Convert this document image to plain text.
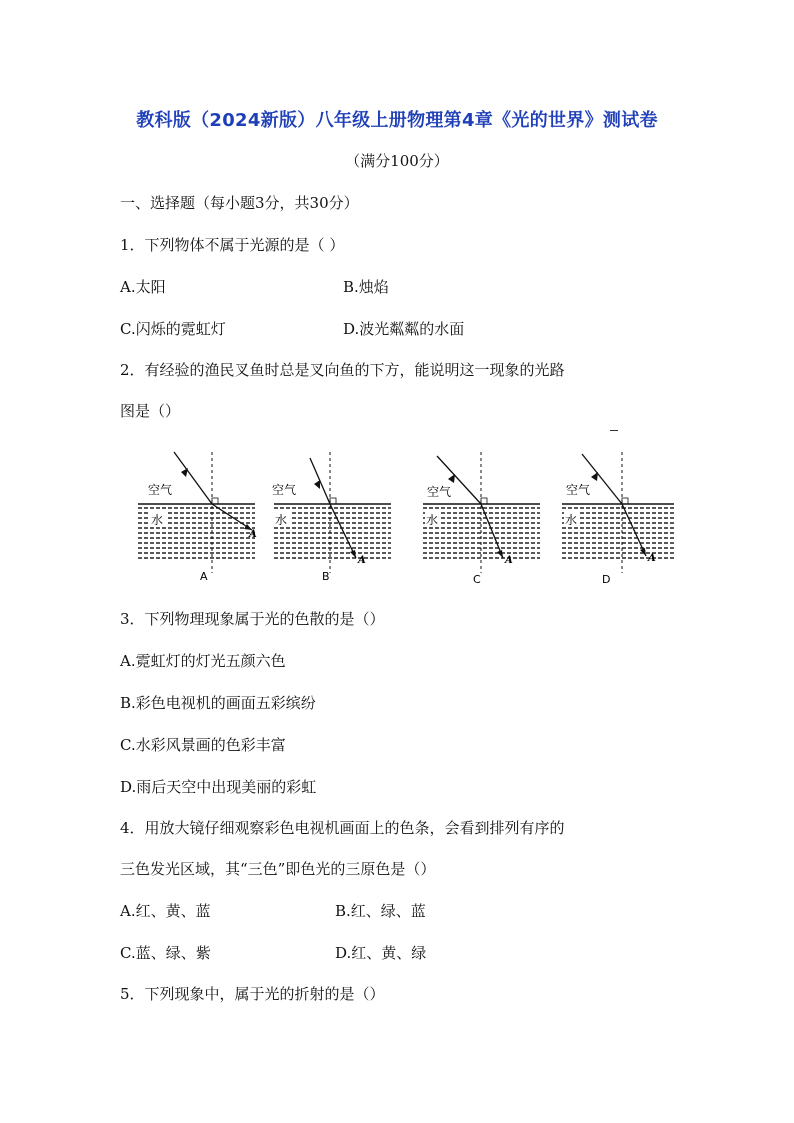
教科版（2024新版）八年级上册物理第4章《光的世界》测试卷
（满分100分）
一、选择题（每小题3分，共30分）
1．下列物体不属于光源的是（ ）
A.太阳	B.烛焰
C.闪烁的霓虹灯	D.波光粼粼的水面
2．有经验的渔民叉鱼时总是叉向鱼的下方，能说明这一现象的光路
图是（）
空气
水
A
A
空气
水
A
B
空气
水
A
C
空气
水
A
D
3．下列物理现象属于光的色散的是（）
A.霓虹灯的灯光五颜六色
B.彩色电视机的画面五彩缤纷
C.水彩风景画的色彩丰富
D.雨后天空中出现美丽的彩虹
4．用放大镜仔细观察彩色电视机画面上的色条，会看到排列有序的
三色发光区域，其“三色”即色光的三原色是（）
A.红、黄、蓝	B.红、绿、蓝
C.蓝、绿、紫	D.红、黄、绿
5．下列现象中，属于光的折射的是（）
